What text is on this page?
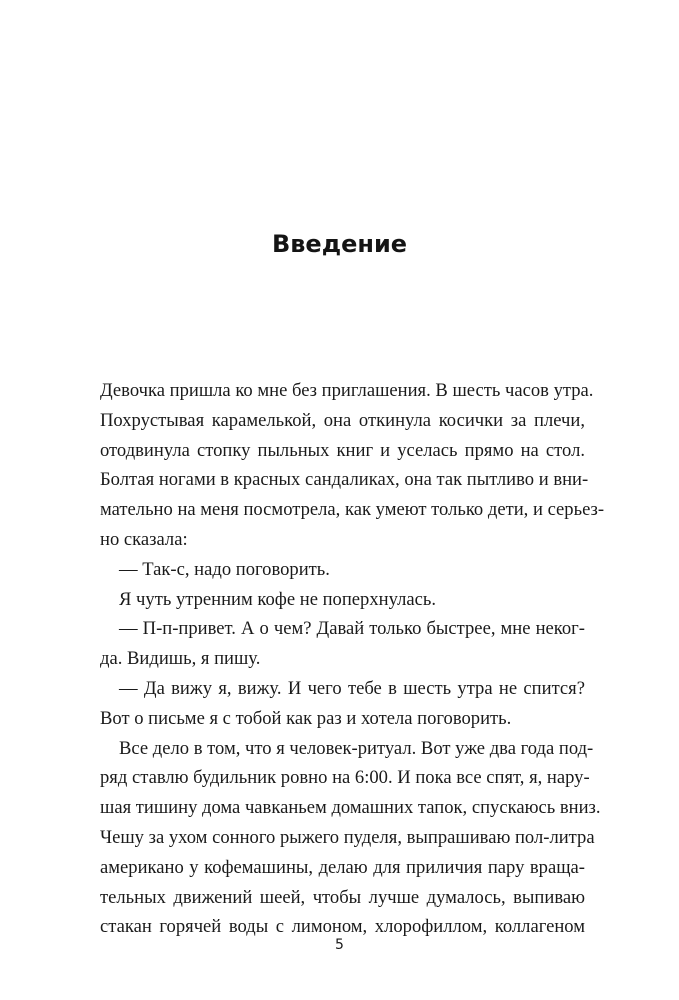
Введение
Девочка пришла ко мне без приглашения. В шесть часов утра.
Похрустывая карамелькой, она откинула косички за плечи,
отодвинула стопку пыльных книг и уселась прямо на стол.
Болтая ногами в красных сандаликах, она так пытливо и вни-
мательно на меня посмотрела, как умеют только дети, и серьез-
но сказала:
— Так-с, надо поговорить.
Я чуть утренним кофе не поперхнулась.
— П-п-привет. А о чем? Давай только быстрее, мне неког-
да. Видишь, я пишу.
— Да вижу я, вижу. И чего тебе в шесть утра не спится?
Вот о письме я с тобой как раз и хотела поговорить.
Все дело в том, что я человек-ритуал. Вот уже два года под-
ряд ставлю будильник ровно на 6:00. И пока все спят, я, нару-
шая тишину дома чавканьем домашних тапок, спускаюсь вниз.
Чешу за ухом сонного рыжего пуделя, выпрашиваю пол-литра
американо у кофемашины, делаю для приличия пару враща-
тельных движений шеей, чтобы лучше думалось, выпиваю
стакан горячей воды с лимоном, хлорофиллом, коллагеном
5
